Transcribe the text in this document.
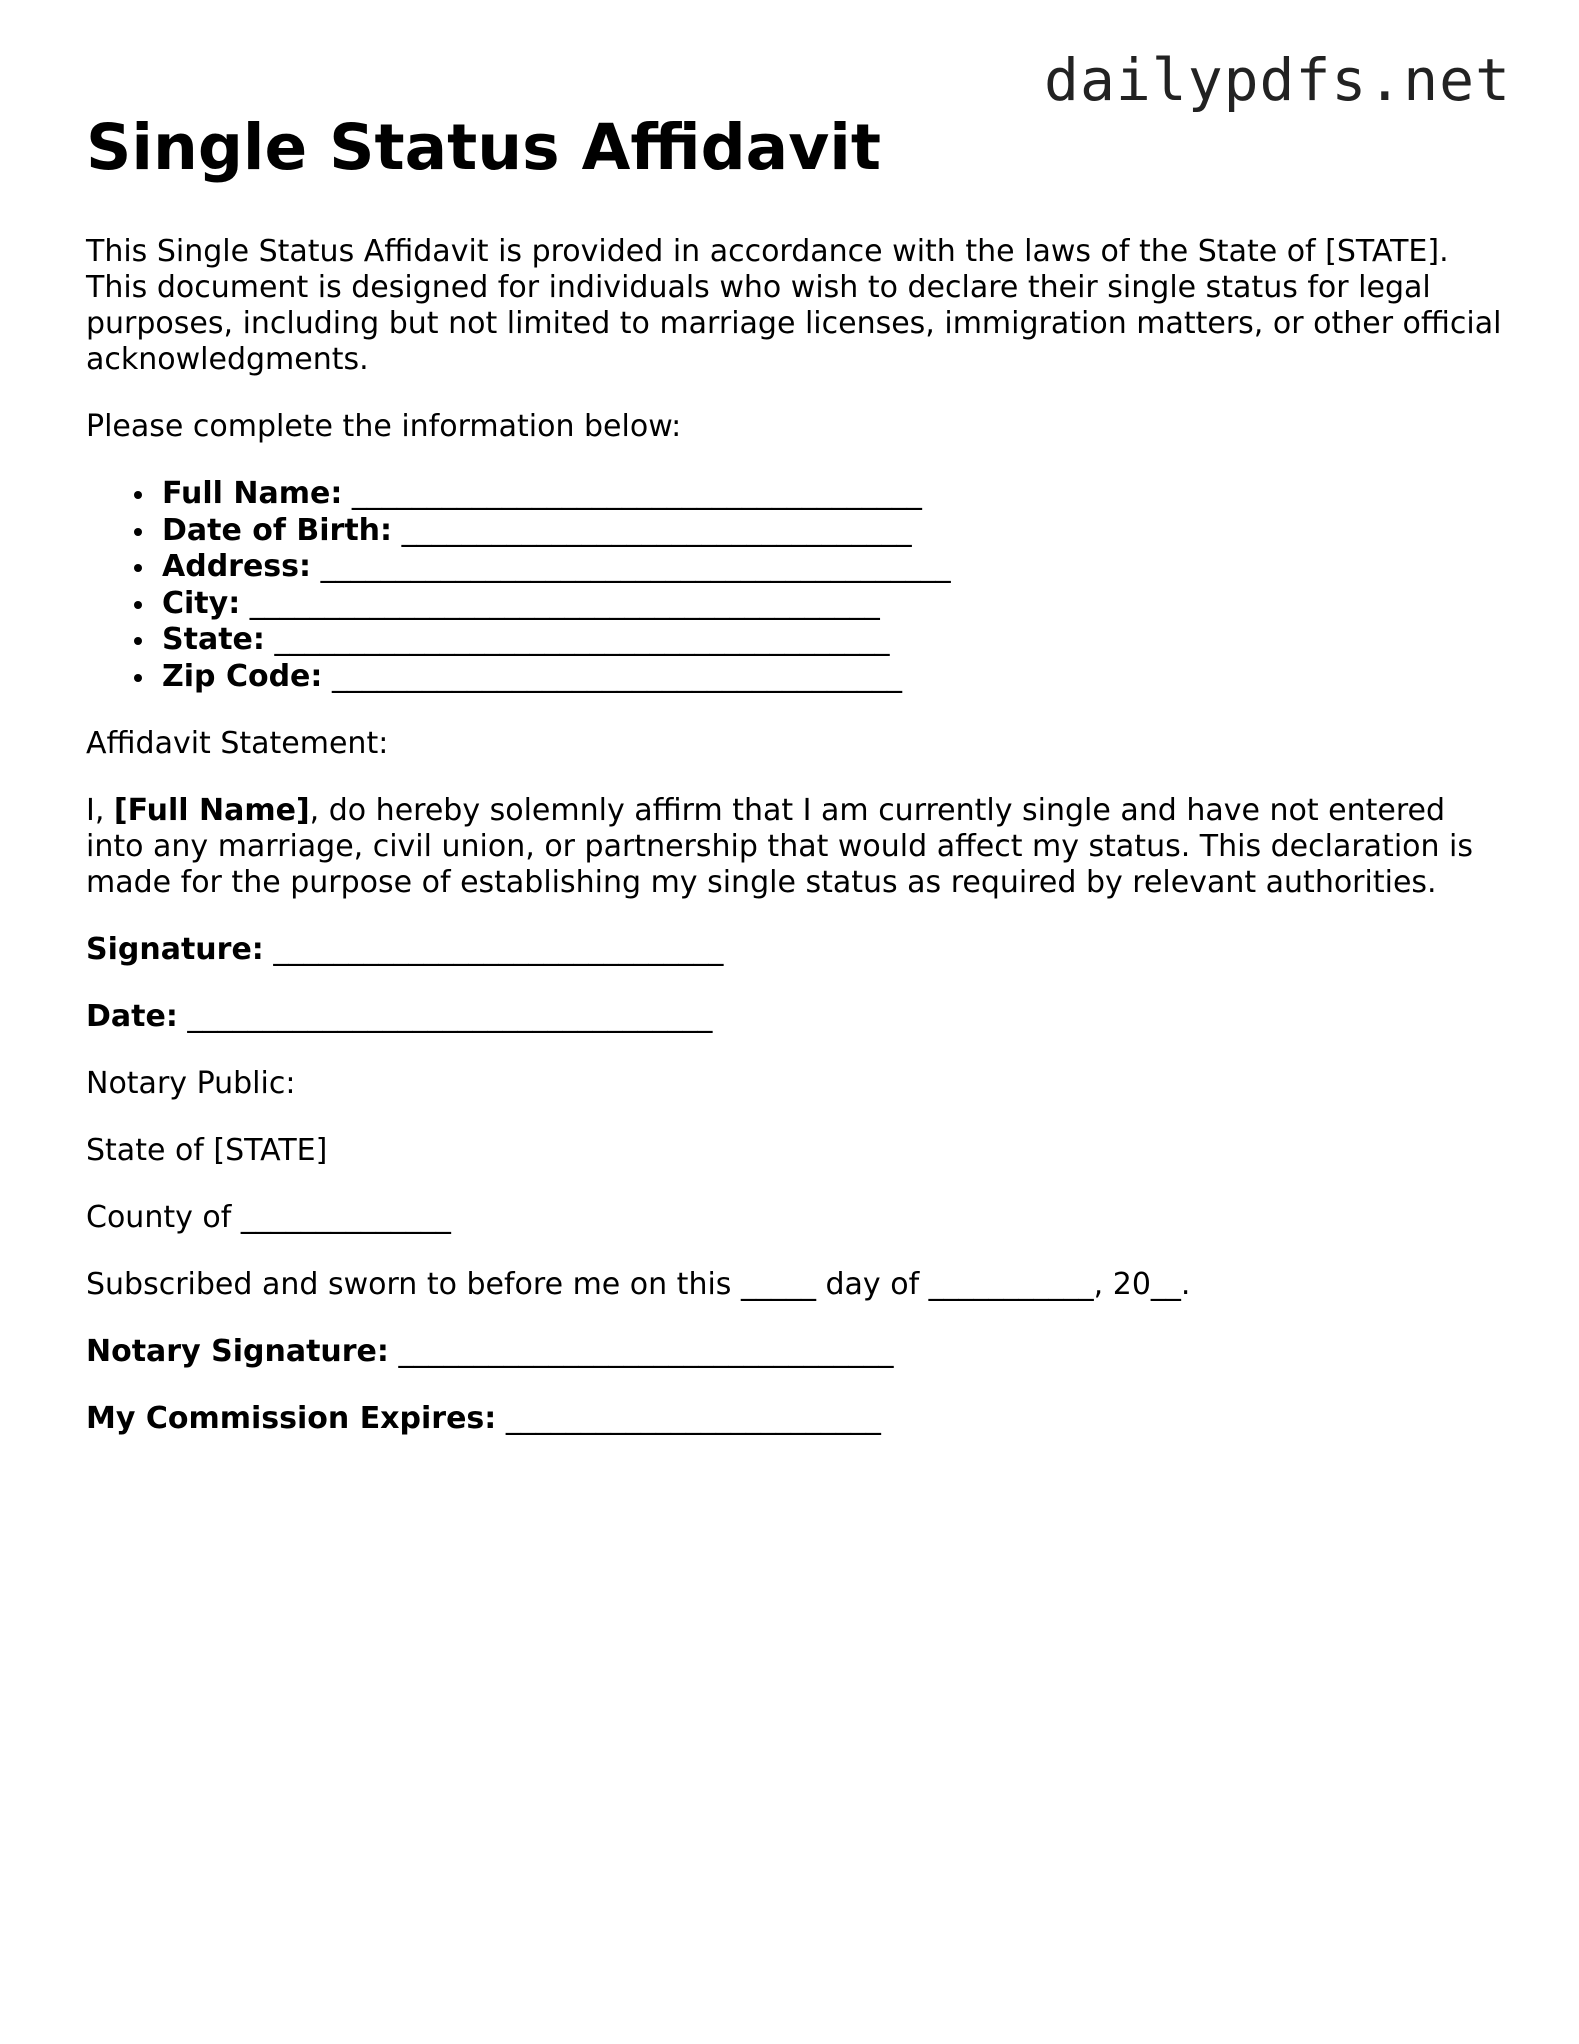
dailypdfs.net
Single Status Affidavit

This Single Status Affidavit is provided in accordance with the laws of the State of [STATE]. This document is designed for individuals who wish to declare their single status for legal purposes, including but not limited to marriage licenses, immigration matters, or other official acknowledgments.

Please complete the information below:

Full Name: ______________________________________
Date of Birth: __________________________________
Address: __________________________________________
City: __________________________________________
State: _________________________________________
Zip Code: ______________________________________

Affidavit Statement:

I, [Full Name], do hereby solemnly affirm that I am currently single and have not entered into any marriage, civil union, or partnership that would affect my status. This declaration is made for the purpose of establishing my single status as required by relevant authorities.

Signature: ______________________________

Date: ___________________________________

Notary Public:

State of [STATE]

County of ______________

Subscribed and sworn to before me on this _____ day of ___________, 20__.

Notary Signature: _________________________________

My Commission Expires: _________________________
